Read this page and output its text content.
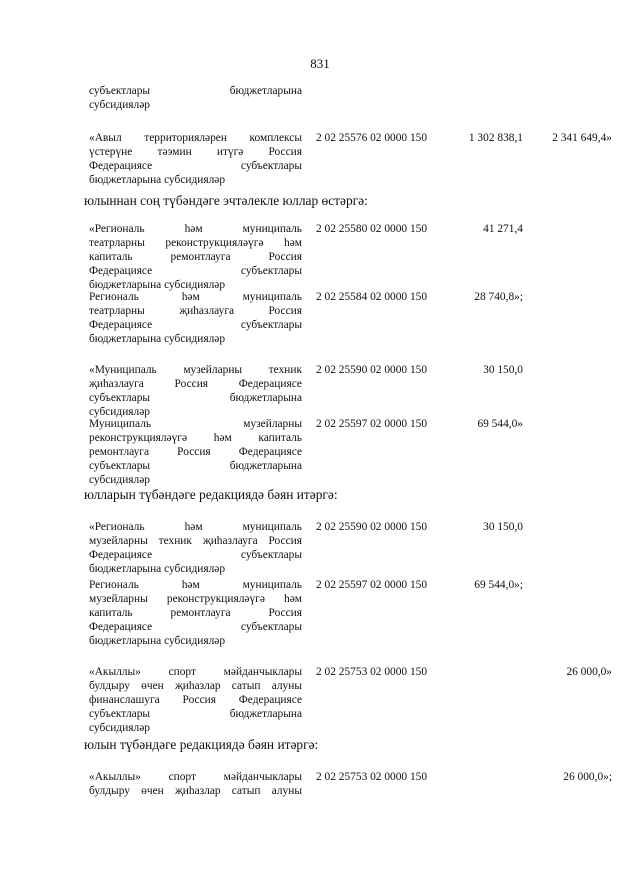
831
субъектлары бюджетларына
субсидияләр
«Авыл территорияләрен комплексы
үстерүне тәэмин итүгә Россия
Федерациясе субъектлары
бюджетларына субсидияләр
2 02 25576 02 0000 150	1 302 838,1	2 341 649,4»
юлыннан соң түбәндәге эчтәлекле юллар өстәргә:
«Региональ һәм муниципаль
театрларны реконструкцияләүгә һәм
капиталь ремонтлауга Россия
Федерациясе субъектлары
бюджетларына субсидияләр
2 02 25580 02 0000 150	41 271,4
Региональ һәм муниципаль
театрларны җиһазлауга Россия
Федерациясе субъектлары
бюджетларына субсидияләр
2 02 25584 02 0000 150	28 740,8»;
«Муниципаль музейларны техник
җиһазлауга Россия Федерациясе
субъектлары бюджетларына
субсидияләр
2 02 25590 02 0000 150	30 150,0
Муниципаль музейларны
реконструкцияләүгә һәм капиталь
ремонтлауга Россия Федерациясе
субъектлары бюджетларына
субсидияләр
2 02 25597 02 0000 150	69 544,0»
юлларын түбәндәге редакциядә бәян итәргә:
«Региональ һәм муниципаль
музейларны техник җиһазлауга Россия
Федерациясе субъектлары
бюджетларына субсидияләр
2 02 25590 02 0000 150	30 150,0
Региональ һәм муниципаль
музейларны реконструкцияләүгә һәм
капиталь ремонтлауга Россия
Федерациясе субъектлары
бюджетларына субсидияләр
2 02 25597 02 0000 150	69 544,0»;
«Акыллы» спорт мәйданчыклары
булдыру өчен җиһазлар сатып алуны
финанслашуга Россия Федерациясе
субъектлары бюджетларына
субсидияләр
2 02 25753 02 0000 150	26 000,0»
юлын түбәндәге редакциядә бәян итәргә:
«Акыллы» спорт мәйданчыклары
булдыру өчен җиһазлар сатып алуны
2 02 25753 02 0000 150	26 000,0»;
